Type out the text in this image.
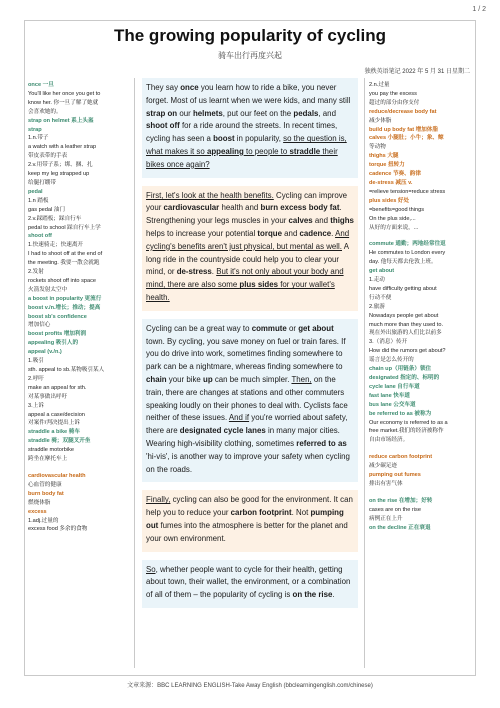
1 / 2
The growing popularity of cycling
骑车出行再度兴起
独秩英语笔记 2022 年 5 月 31 日星期二
once 一旦
You'll like her once you get to
know her. 你一旦了解了她就
会喜欢她的。
strap on helmet 系上头盔
strap
1.n.带子
a watch with a leather strap
带皮表带的手表
2.v.用带子系；绑、捆、扎
keep my leg strapped up
给腿打绷带
pedal
1.n 踏板
gas pedal 油门
2.v.踩踏板；踩自行车
pedal to school 踩自行车上学
shoot off
1.快速骑走；快速离开
I had to shoot off at the end of
the meeting. 我要一散会就跑
2.发射
rockets shoot off into space
火箭发射太空中
a boost in popularity 更流行
boost v./n.增长；推动；提高
boost sb's confidence
增加信心
boost profits 增加利润
appealing 吸引人的
appeal (v./n.)
1.吸引
sth. appeal to sb.某物吸引某人
2.呼吁
make an appeal for sth.
对某事做出呼吁
3.上诉
appeal a case/decision
对案件/判决提出上诉
straddle a bike 骑车
straddle 骑；双腿叉开坐
straddle motorbike
跨坐在摩托车上
cardiovascular health
心血管的健康
burn body fat
燃烧体脂
excess
1.adj.过量的
excess food 多余的食物
They say once you learn how to ride a bike, you never forget. Most of us learnt when we were kids, and many still strap on our helmets, put our feet on the pedals, and shoot off for a ride around the streets. In recent times, cycling has seen a boost in popularity, so the question is, what makes it so appealing to people to straddle their bikes once again?
First, let's look at the health benefits. Cycling can improve your cardiovascular health and burn excess body fat. Strengthening your legs muscles in your calves and thighs helps to increase your potential torque and cadence. And cycling's benefits aren't just physical, but mental as well. A long ride in the countryside could help you to clear your mind, or de-stress. But it's not only about your body and mind, there are also some plus sides for your wallet's health.
Cycling can be a great way to commute or get about town. By cycling, you save money on fuel or train fares. If you do drive into work, sometimes finding somewhere to park can be a nightmare, whereas finding somewhere to chain your bike up can be much simpler. Then, on the train, there are changes at stations and other commuters speaking loudly on their phones to deal with. Cyclists face neither of these issues. And if you're worried about safety, there are designated cycle lanes in many major cities. Wearing high-visibility clothing, sometimes referred to as 'hi-vis', is another way to improve your safety when cycling on the roads.
Finally, cycling can also be good for the environment. It can help you to reduce your carbon footprint. Not pumping out fumes into the atmosphere is better for the planet and your own environment.
So, whether people want to cycle for their health, getting about town, their wallet, the environment, or a combination of all of them – the popularity of cycling is on the rise.
2.n.过量
you pay the excess
超过的部分由你支付
reduce/decrease body fat
减少体脂
build up body fat 增加体脂
calves 小腿肚；小牛；象、鲸
等动物
thighs 大腿
torque 扭转力
cadence 节奏、韵律
de-stress 减压 v.
=relieve tension=reduce stress
plus sides 好处
=benefits=good things
On the plus side,...
从好的方面来说，...
commute 通勤；两地经常往返
He commutes to London every
day. 他每天都去伦敦上班。
get about
1.走动
have difficulty getting about
行动不便
2.旅游
Nowadays people get about
much more than they used to.
现在外出旅游的人们比以前多
3.（消息）传开
How did the rumors get about?
谣言是怎么传开的
chain up（用链条）锁住
designated 指定的、标明的
cycle lane 自行车道
fast lane 快车道
bus lane 公交车道
be referred to as 被称为
Our economy is referred to as a
free market.我们的经济被称作
自由市场经济。
reduce carbon footprint
减少碳足迹
pumping out fumes
排出有害气体
on the rise 在增加；好转
cases are on the rise
病例正在上升
on the decline 正在衰退
文章来源：BBC LEARNING ENGLISH-Take Away English (bbclearningenglish.com/chinese)
